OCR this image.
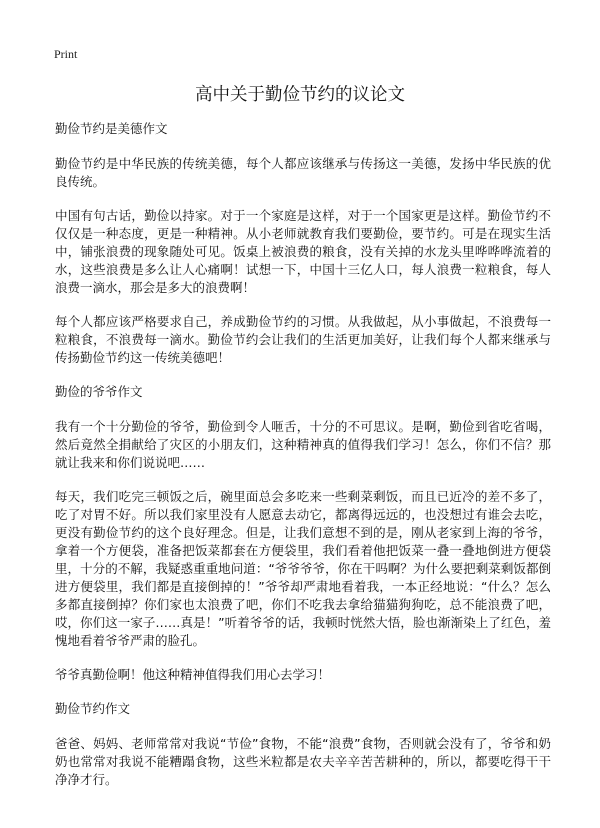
Print
高中关于勤俭节约的议论文
勤俭节约是美德作文

勤俭节约是中华民族的传统美德，每个人都应该继承与传扬这一美德，发扬中华民族的优良传统。

中国有句古话，勤俭以持家。对于一个家庭是这样，对于一个国家更是这样。勤俭节约不仅仅是一种态度，更是一种精神。从小老师就教育我们要勤俭，要节约。可是在现实生活中，铺张浪费的现象随处可见。饭桌上被浪费的粮食，没有关掉的水龙头里哗哗哗流着的水，这些浪费是多么让人心痛啊！试想一下，中国十三亿人口，每人浪费一粒粮食，每人浪费一滴水，那会是多大的浪费啊！

每个人都应该严格要求自己，养成勤俭节约的习惯。从我做起，从小事做起，不浪费每一粒粮食，不浪费每一滴水。勤俭节约会让我们的生活更加美好，让我们每个人都来继承与传扬勤俭节约这一传统美德吧！

勤俭的爷爷作文

我有一个十分勤俭的爷爷，勤俭到令人咂舌，十分的不可思议。是啊，勤俭到省吃省喝，然后竟然全捐献给了灾区的小朋友们，这种精神真的值得我们学习！怎么，你们不信？那就让我来和你们说说吧……

每天，我们吃完三顿饭之后，碗里面总会多吃来一些剩菜剩饭，而且已近冷的差不多了，吃了对胃不好。所以我们家里没有人愿意去动它，都离得远远的，也没想过有谁会去吃，更没有勤俭节约的这个良好理念。但是，让我们意想不到的是，刚从老家到上海的爷爷，拿着一个方便袋，准备把饭菜都套在方便袋里，我们看着他把饭菜一叠一叠地倒进方便袋里，十分的不解，我疑惑重重地问道：“爷爷爷爷，你在干吗啊？为什么要把剩菜剩饭都倒进方便袋里，我们都是直接倒掉的！”爷爷却严肃地看着我，一本正经地说：“什么？怎么多都直接倒掉？你们家也太浪费了吧，你们不吃我去拿给猫猫狗狗吃，总不能浪费了吧，哎，你们这一家子……真是！”听着爷爷的话，我顿时恍然大悟，脸也渐渐染上了红色，羞愧地看着爷爷严肃的脸孔。

爷爷真勤俭啊！他这种精神值得我们用心去学习！

勤俭节约作文

爸爸、妈妈、老师常常对我说“节俭”食物，不能“浪费”食物，否则就会没有了，爷爷和奶奶也常常对我说不能糟蹋食物，这些米粒都是农夫辛辛苦苦耕种的，所以，都要吃得干干净净才行。
